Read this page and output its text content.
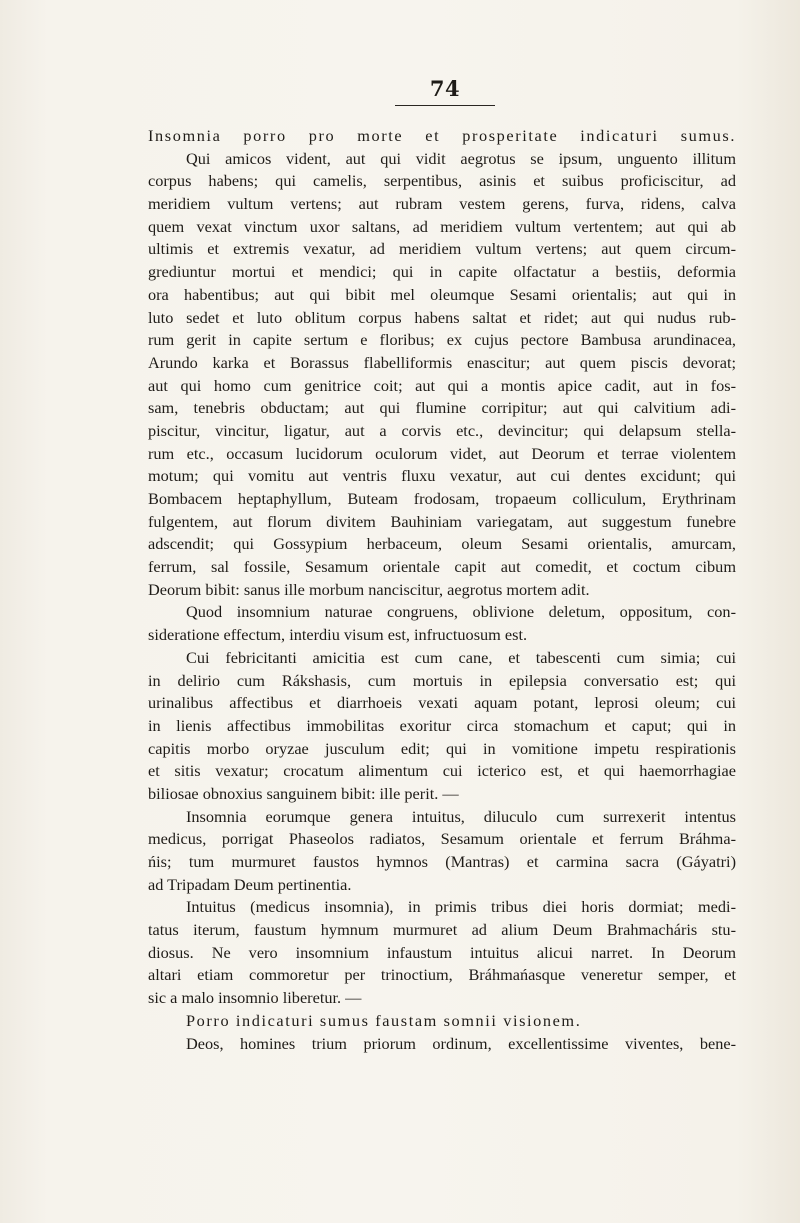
74
Insomnia porro pro morte et prosperitate indicaturi sumus.
Qui amicos vident, aut qui vidit aegrotus se ipsum, unguento illitum
corpus habens; qui camelis, serpentibus, asinis et suibus proficiscitur, ad
meridiem vultum vertens; aut rubram vestem gerens, furva, ridens, calva
quem vexat vinctum uxor saltans, ad meridiem vultum vertentem; aut qui ab
ultimis et extremis vexatur, ad meridiem vultum vertens; aut quem circum-
grediuntur mortui et mendici; qui in capite olfactatur a bestiis, deformia
ora habentibus; aut qui bibit mel oleumque Sesami orientalis; aut qui in
luto sedet et luto oblitum corpus habens saltat et ridet; aut qui nudus rub-
rum gerit in capite sertum e floribus; ex cujus pectore Bambusa arundinacea,
Arundo karka et Borassus flabelliformis enascitur; aut quem piscis devorat;
aut qui homo cum genitrice coit; aut qui a montis apice cadit, aut in fos-
sam, tenebris obductam; aut qui flumine corripitur; aut qui calvitium adi-
piscitur, vincitur, ligatur, aut a corvis etc., devincitur; qui delapsum stella-
rum etc., occasum lucidorum oculorum videt, aut Deorum et terrae violentem
motum; qui vomitu aut ventris fluxu vexatur, aut cui dentes excidunt; qui
Bombacem heptaphyllum, Buteam frodosam, tropaeum colliculum, Erythrinam
fulgentem, aut florum divitem Bauhiniam variegatam, aut suggestum funebre
adscendit; qui Gossypium herbaceum, oleum Sesami orientalis, amurcam,
ferrum, sal fossile, Sesamum orientale capit aut comedit, et coctum cibum
Deorum bibit: sanus ille morbum nanciscitur, aegrotus mortem adit.
Quod insomnium naturae congruens, oblivione deletum, oppositum, con-
sideratione effectum, interdiu visum est, infructuosum est.
Cui febricitanti amicitia est cum cane, et tabescenti cum simia; cui
in delirio cum Rákshasis, cum mortuis in epilepsia conversatio est; qui
urinalibus affectibus et diarrhoeis vexati aquam potant, leprosi oleum; cui
in lienis affectibus immobilitas exoritur circa stomachum et caput; qui in
capitis morbo oryzae jusculum edit; qui in vomitione impetu respirationis
et sitis vexatur; crocatum alimentum cui icterico est, et qui haemorrhagiae
biliosae obnoxius sanguinem bibit: ille perit. —
Insomnia eorumque genera intuitus, diluculo cum surrexerit intentus
medicus, porrigat Phaseolos radiatos, Sesamum orientale et ferrum Bráhma-
ńis; tum murmuret faustos hymnos (Mantras) et carmina sacra (Gáyatri)
ad Tripadam Deum pertinentia.
Intuitus (medicus insomnia), in primis tribus diei horis dormiat; medi-
tatus iterum, faustum hymnum murmuret ad alium Deum Brahmacháris stu-
diosus. Ne vero insomnium infaustum intuitus alicui narret. In Deorum
altari etiam commoretur per trinoctium, Bráhmańasque veneretur semper, et
sic a malo insomnio liberetur. —
Porro indicaturi sumus faustam somnii visionem.
Deos, homines trium priorum ordinum, excellentissime viventes, bene-
